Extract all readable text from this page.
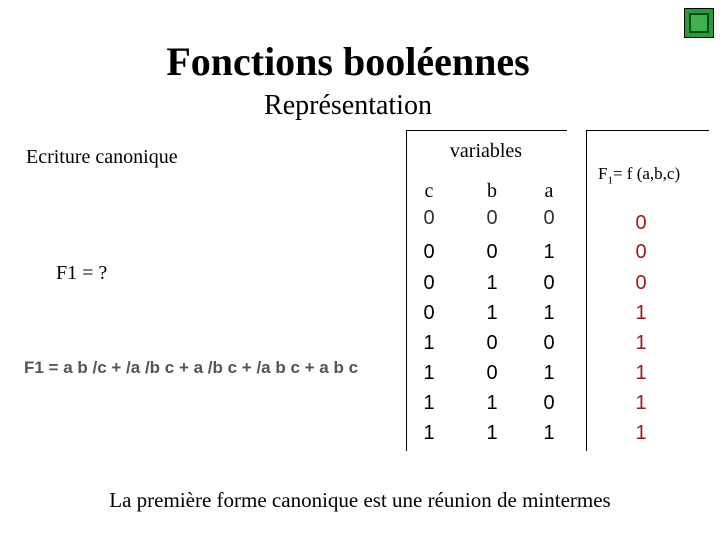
Fonctions booléennes
Représentation
Ecriture canonique
F1 = ?
F1 = a b /c + /a /b c + a /b c + /a b c + a b c
variables
$F_1= f$ (a,b,c)
c	b	a
0	0	0	0
0	0	1	0
0	1	0	0
0	1	1	1
1	0	0	1
1	0	1	1
1	1	0	1
1	1	1	1
La première forme canonique est une réunion de mintermes
